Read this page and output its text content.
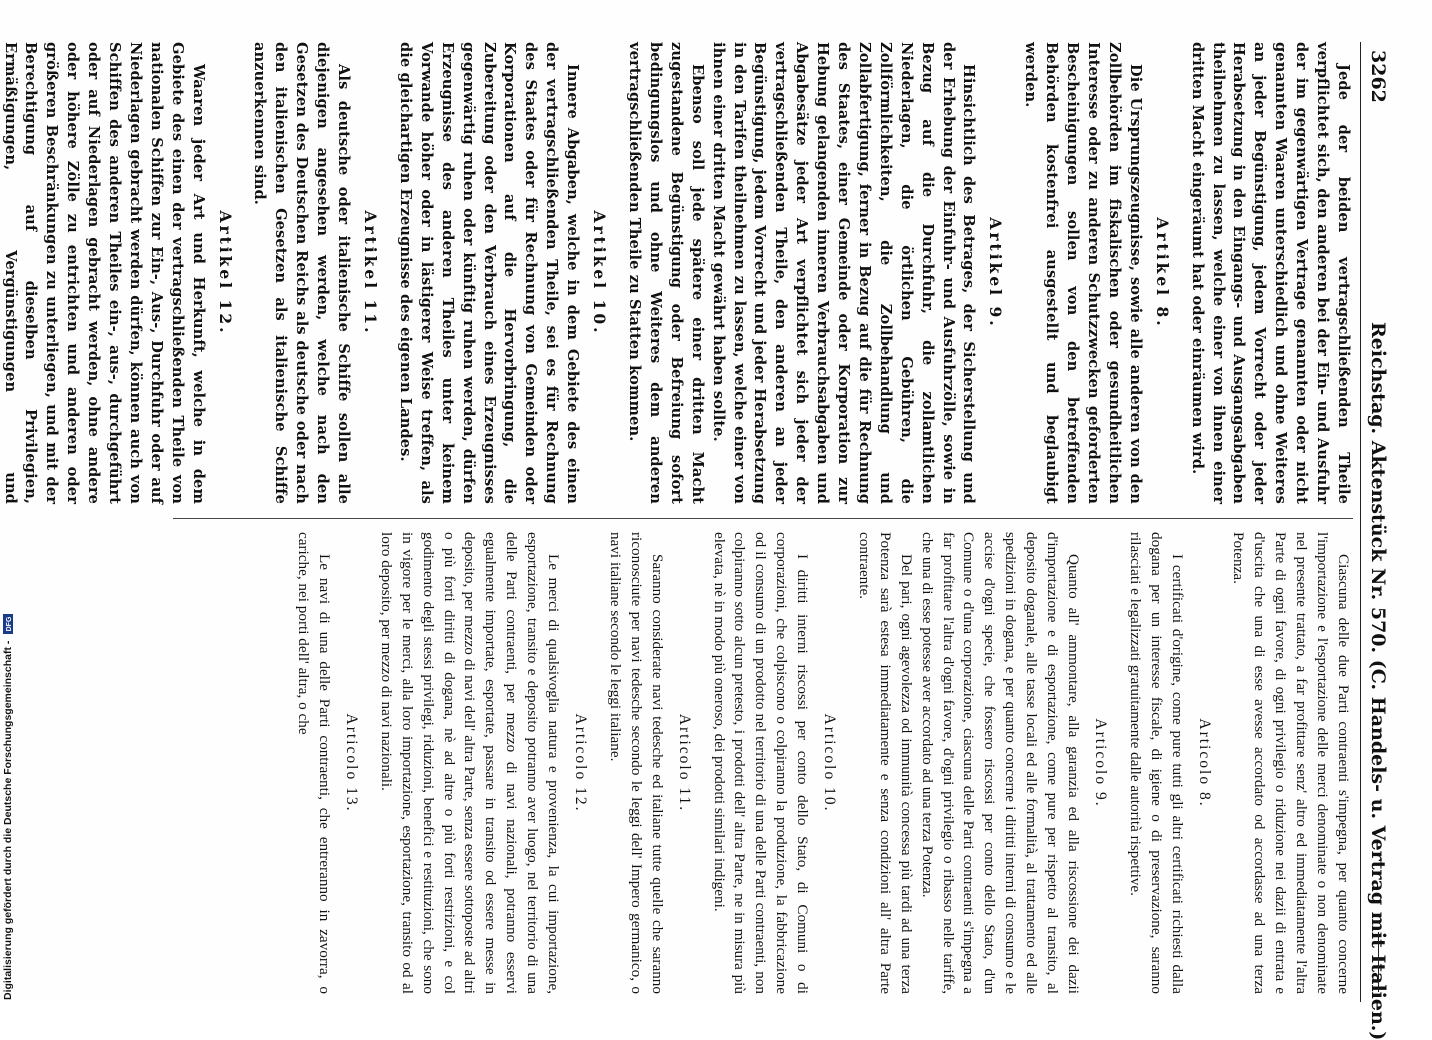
3262
Reichstag. Aktenstück Nr. 570. (C. Handels- u. Vertrag mit Italien.)

Jede der beiden vertragschließenden Theile verpflichtet sich, den anderen bei der Ein- und Ausfuhr der im gegenwärtigen Vertrage genannten oder nicht genannten Waaren unterschiedlich und ohne Weiteres an jeder Begünstigung, jedem Vorrecht oder jeder Herabsetzung in den Eingangs- und Ausgangsabgaben theilnehmen zu lassen, welche einer von ihnen einer dritten Macht eingeräumt hat oder einräumen wird.

Artikel 8.

Die Ursprungszeugnisse, sowie alle anderen von den Zollbehörden im fiskalischen oder gesundheitlichen Interesse oder zu anderen Schutzzwecken geforderten Bescheinigungen sollen von den betreffenden Behörden kostenfrei ausgestellt und beglaubigt werden.

Artikel 9.

Hinsichtlich des Betrages, der Sicherstellung und der Erhebung der Einfuhr- und Ausfuhrzölle, sowie in Bezug auf die Durchfuhr, die zollamtlichen Niederlagen, die örtlichen Gebühren, die Zollförmlichkeiten, die Zollbehandlung und Zollabfertigung, ferner in Bezug auf die für Rechnung des Staates, einer Gemeinde oder Korporation zur Hebung gelangenden inneren Verbrauchsabgaben und Abgabesätze jeder Art verpflichtet sich jeder der vertragschließenden Theile, den anderen an jeder Begünstigung, jedem Vorrecht und jeder Herabsetzung in den Tarifen theilnehmen zu lassen, welche einer von ihnen einer dritten Macht gewährt haben sollte.

Ebenso soll jede spätere einer dritten Macht zugestandene Begünstigung oder Befreiung sofort bedingungslos und ohne Weiteres dem anderen vertragschließenden Theile zu Statten kommen.

Artikel 10.

Innere Abgaben, welche in dem Gebiete des einen der vertragschließenden Theile, sei es für Rechnung des Staates oder für Rechnung von Gemeinden oder Korporationen auf die Hervorbringung, die Zubereitung oder den Verbrauch eines Erzeugnisses gegenwärtig ruhen oder künftig ruhen werden, dürfen Erzeugnisse des anderen Theiles unter keinem Vorwande höher oder in lästigerer Weise treffen, als die gleichartigen Erzeugnisse des eigenen Landes.

Artikel 11.

Als deutsche oder italienische Schiffe sollen alle diejenigen angesehen werden, welche nach den Gesetzen des Deutschen Reichs als deutsche oder nach den italienischen Gesetzen als italienische Schiffe anzuerkennen sind.

Artikel 12.

Waaren jeder Art und Herkunft, welche in dem Gebiete des einen der vertragschließenden Theile von nationalen Schiffen zur Ein-, Aus-, Durchfuhr oder auf Niederlagen gebracht werden dürfen, können auch von Schiffen des anderen Theiles ein-, aus-, durchgeführt oder auf Niederlagen gebracht werden, ohne andere oder höhere Zölle zu entrichten und anderen oder größeren Beschränkungen zu unterliegen, und mit der Berechtigung auf dieselben Privilegien, Ermäßigungen, Vergünstigungen und

Ciascuna delle due Parti contraenti s'impegna, per quanto concerne l'importazione e l'esportazione delle merci denominate o non denominate nel presente trattato, a far profittare senz' altro ed immediatamente l'altra Parte di ogni favore, di ogni privilegio o riduzione nei dazii di entrata e d'uscita che una di esse avesse accordato od accordasse ad una terza Potenza.

Articolo 8.

I certificati d'origine, come pure tutti gli altri certificati richiesti dalla dogana per un interesse fiscale, di igiene o di preservazione, saranno rilasciati e legalizzati gratuitamente dalle autorità rispettive.

Articolo 9.

Quanto all' ammontare, alla garanzia ed alla riscossione dei dazii d'importazione e di esportazione, come pure per rispetto al transito, al deposito doganale, alle tasse locali ed alle formalità, al trattamento ed alle spedizioni in dogana, e per quanto concerne i diritti interni di consumo e le accise d'ogni specie, che fossero riscossi per conto dello Stato, d'un Comune o d'una corporazione, ciascuna delle Parti contraenti s'impegna a far profittare l'altra d'ogni favore, d'ogni privilegio o ribasso nelle tariffe, che una di esse potesse aver accordato ad una terza Potenza.

Del pari, ogni agevolezza od immunità concessa più tardi ad una terza Potenza sarà estesa immediatamente e senza condizioni all' altra Parte contraente.

Articolo 10.

I diritti interni riscossi per conto dello Stato, di Comuni o di corporazioni, che colpiscono o colpiranno la produzione, la fabbricazione od il consumo di un prodotto nel territorio di una delle Parti contraenti, non colpiranno sotto alcun pretesto, i prodotti dell' altra Parte, ne in misura più elevata, nè in modo più oneroso, dei prodotti similari indigeni.

Articolo 11.

Saranno considerate navi tedesche ed italiane tutte quelle che saranno riconosciute per navi tedesche secondo le leggi dell' Impero germanico, o navi italiane secondo le leggi italiane.

Articolo 12.

Le merci di qualsivoglia natura e provenienza, la cui importazione, esportazione, transito e deposito potranno aver luogo, nel territorio di una delle Parti contraenti, per mezzo di navi nazionali, potranno esservi egualmente importate, esportate, passare in transito od essere messe in deposito, per mezzo di navi dell' altra Parte, senza essere sottoposte ad altri o più forti diritti di dogana, nè ad altre o più forti restrizioni, e col godimento degli stessi privilegi, riduzioni, benefici e restituzioni, che sono in vigore per le merci, alla loro importazione, esportazione, transito od al loro deposito, per mezzo di navi nazionali.

Articolo 13.

Le navi di una delle Parti contraenti, che entreranno in zavorra, o cariche, nei porti dell' altra, o che

Digitalisierung gefördert durch die Deutsche Forschungsgemeinschaft -
DFG
